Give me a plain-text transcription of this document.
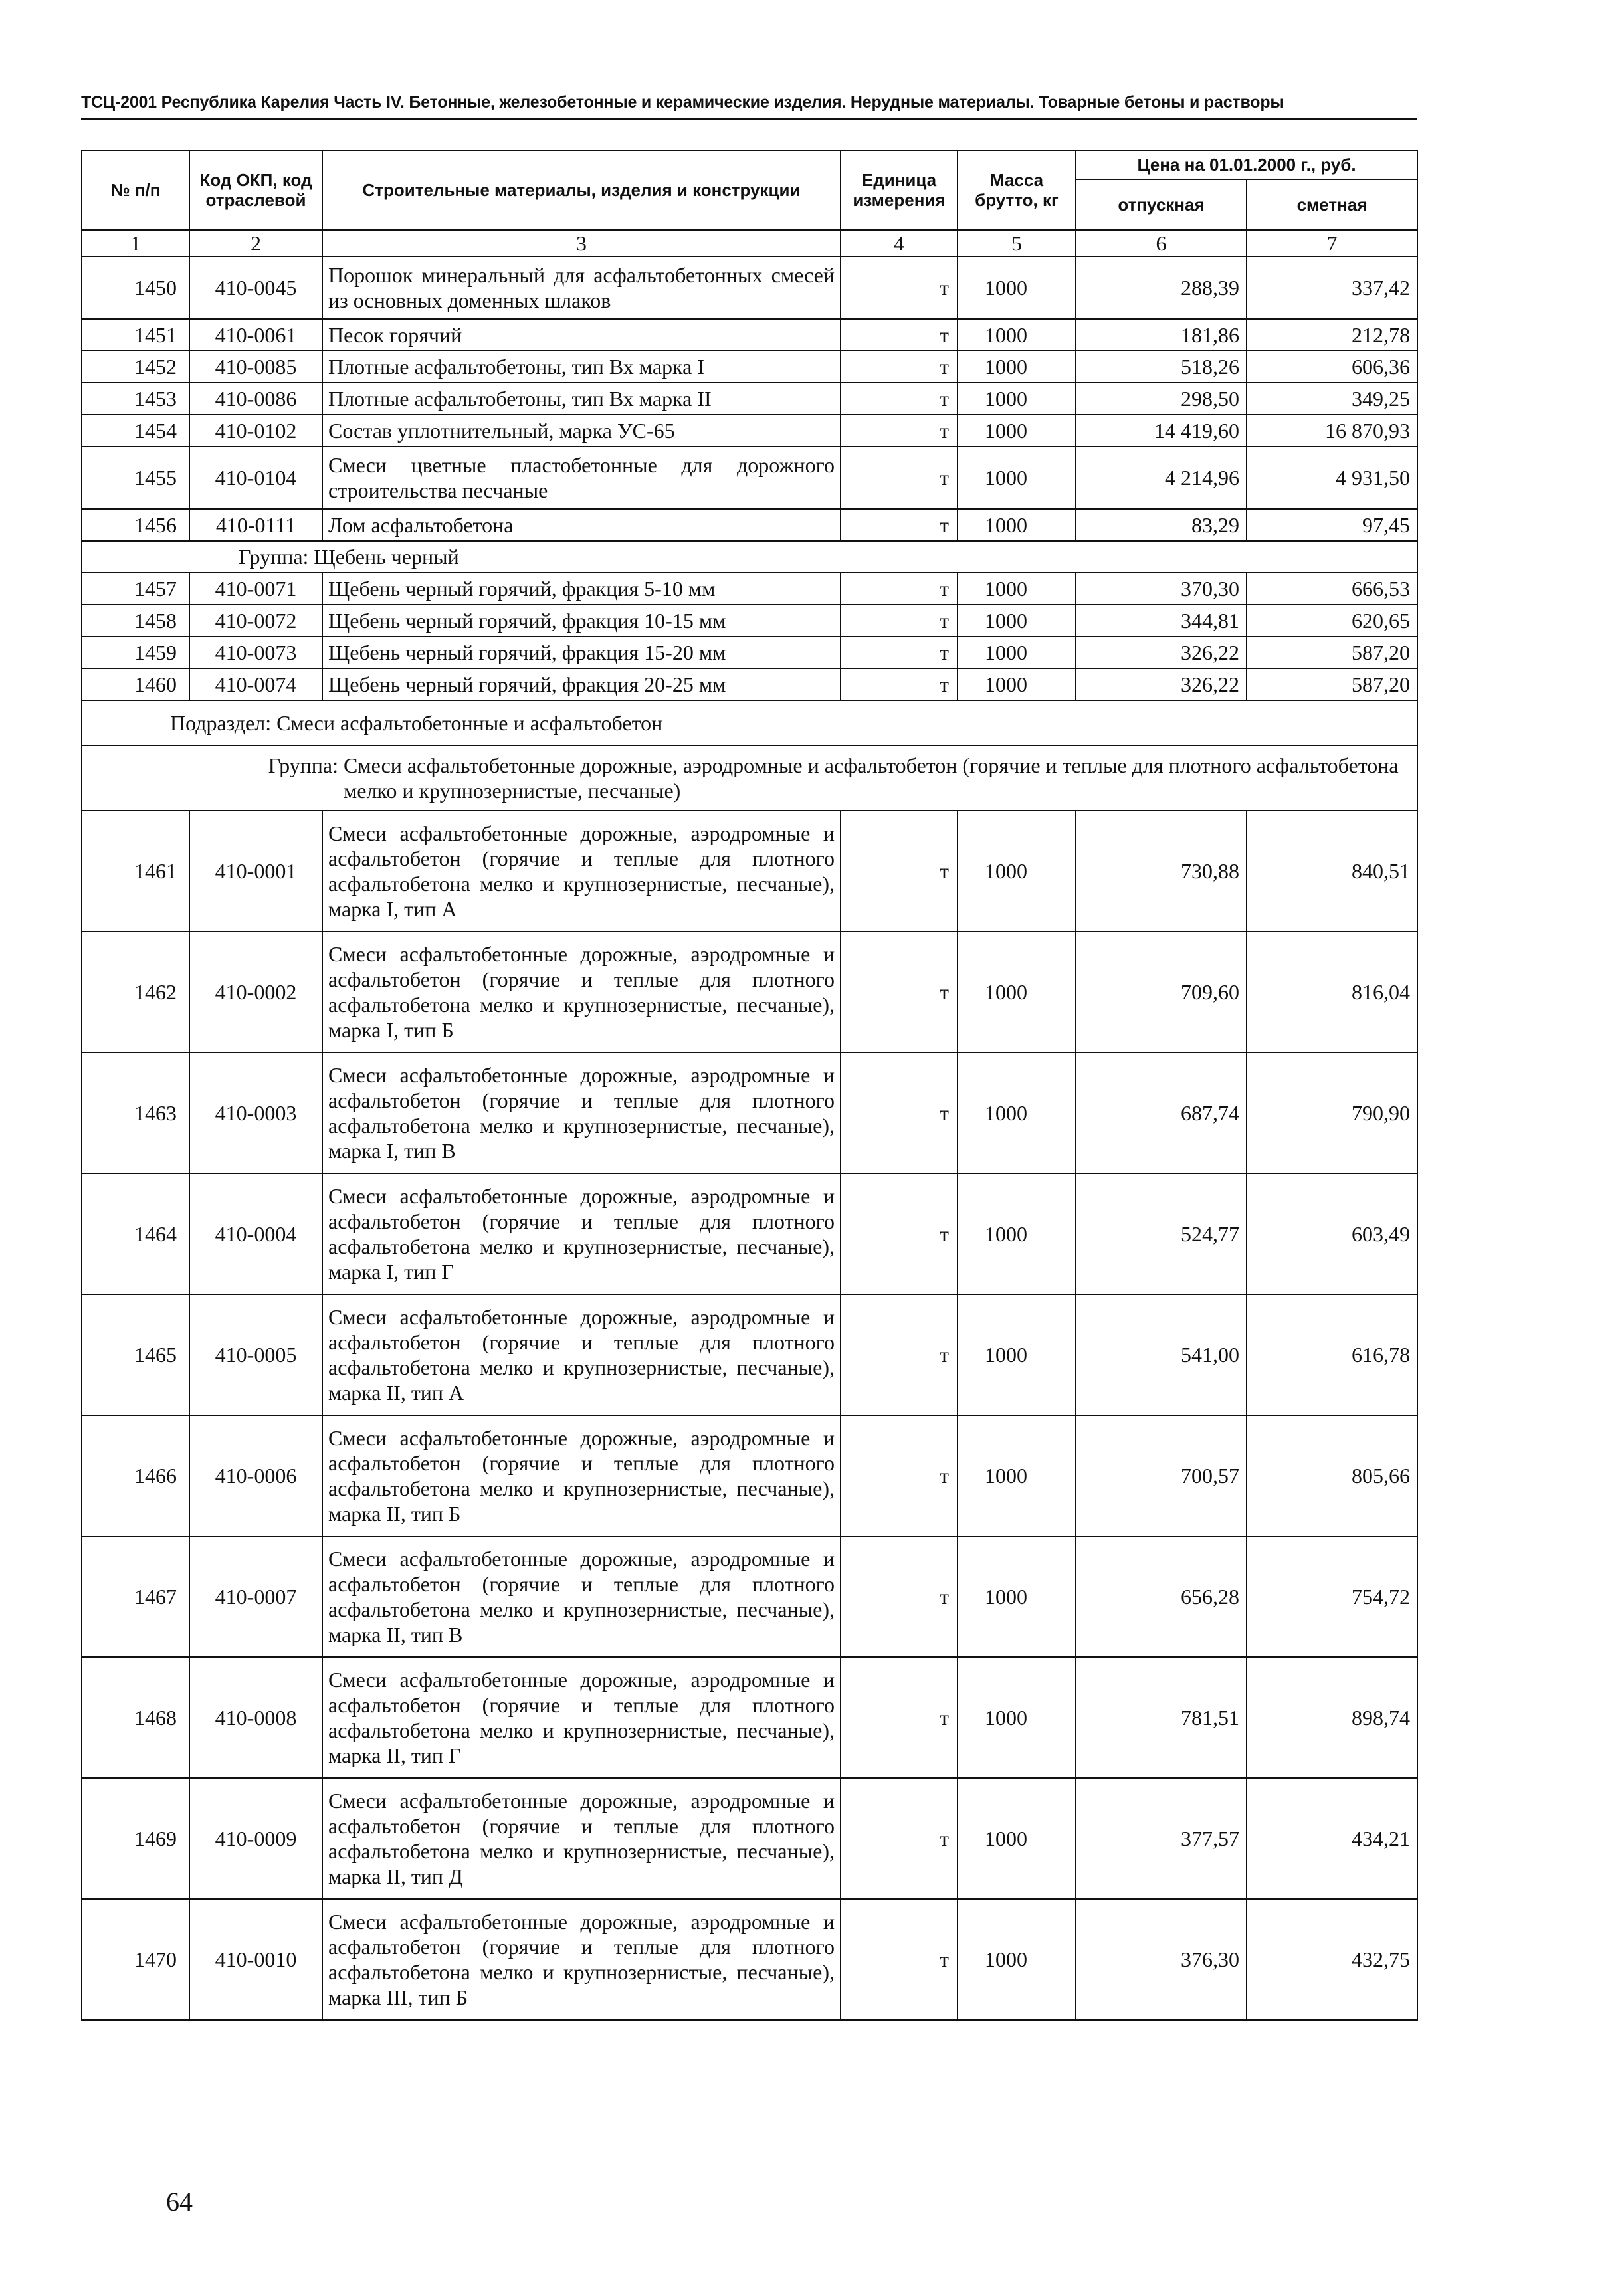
ТСЦ-2001 Республика Карелия Часть IV. Бетонные, железобетонные и керамические изделия. Нерудные материалы. Товарные бетоны и растворы
№ п/п	Код ОКП, код отраслевой	Строительные материалы, изделия и конструкции	Единица измерения	Масса брутто, кг	Цена на 01.01.2000 г., руб.	
					отпускная	сметная
1	2	3	4	5	6	7
1450	410-0045	Порошок минеральный для асфальтобетонных смесей из основных доменных шлаков	т	1000	288,39	337,42
1451	410-0061	Песок горячий	т	1000	181,86	212,78
1452	410-0085	Плотные асфальтобетоны, тип Вх марка I	т	1000	518,26	606,36
1453	410-0086	Плотные асфальтобетоны, тип Вх марка II	т	1000	298,50	349,25
1454	410-0102	Состав уплотнительный, марка УС-65	т	1000	14 419,60	16 870,93
1455	410-0104	Смеси цветные пластобетонные для дорожного строительства песчаные	т	1000	4 214,96	4 931,50
1456	410-0111	Лом асфальтобетона	т	1000	83,29	97,45
Группа: Щебень черный						
1457	410-0071	Щебень черный горячий, фракция 5-10 мм	т	1000	370,30	666,53
1458	410-0072	Щебень черный горячий, фракция 10-15 мм	т	1000	344,81	620,65
1459	410-0073	Щебень черный горячий, фракция 15-20 мм	т	1000	326,22	587,20
1460	410-0074	Щебень черный горячий, фракция 20-25 мм	т	1000	326,22	587,20
Подраздел: Смеси асфальтобетонные и асфальтобетон						
Группа: Смеси асфальтобетонные дорожные, аэродромные и асфальтобетон (горячие и теплые для плотного асфальтобетона мелко и крупнозернистые, песчаные)						
1461	410-0001	Смеси асфальтобетонные дорожные, аэродромные и асфальтобетон (горячие и теплые для плотного асфальтобетона мелко и крупнозернистые, песчаные), марка I, тип А	т	1000	730,88	840,51
1462	410-0002	Смеси асфальтобетонные дорожные, аэродромные и асфальтобетон (горячие и теплые для плотного асфальтобетона мелко и крупнозернистые, песчаные), марка I, тип Б	т	1000	709,60	816,04
1463	410-0003	Смеси асфальтобетонные дорожные, аэродромные и асфальтобетон (горячие и теплые для плотного асфальтобетона мелко и крупнозернистые, песчаные), марка I, тип В	т	1000	687,74	790,90
1464	410-0004	Смеси асфальтобетонные дорожные, аэродромные и асфальтобетон (горячие и теплые для плотного асфальтобетона мелко и крупнозернистые, песчаные), марка I, тип Г	т	1000	524,77	603,49
1465	410-0005	Смеси асфальтобетонные дорожные, аэродромные и асфальтобетон (горячие и теплые для плотного асфальтобетона мелко и крупнозернистые, песчаные), марка II, тип А	т	1000	541,00	616,78
1466	410-0006	Смеси асфальтобетонные дорожные, аэродромные и асфальтобетон (горячие и теплые для плотного асфальтобетона мелко и крупнозернистые, песчаные), марка II, тип Б	т	1000	700,57	805,66
1467	410-0007	Смеси асфальтобетонные дорожные, аэродромные и асфальтобетон (горячие и теплые для плотного асфальтобетона мелко и крупнозернистые, песчаные), марка II, тип В	т	1000	656,28	754,72
1468	410-0008	Смеси асфальтобетонные дорожные, аэродромные и асфальтобетон (горячие и теплые для плотного асфальтобетона мелко и крупнозернистые, песчаные), марка II, тип Г	т	1000	781,51	898,74
1469	410-0009	Смеси асфальтобетонные дорожные, аэродромные и асфальтобетон (горячие и теплые для плотного асфальтобетона мелко и крупнозернистые, песчаные), марка II, тип Д	т	1000	377,57	434,21
1470	410-0010	Смеси асфальтобетонные дорожные, аэродромные и асфальтобетон (горячие и теплые для плотного асфальтобетона мелко и крупнозернистые, песчаные), марка III, тип Б	т	1000	376,30	432,75
64
